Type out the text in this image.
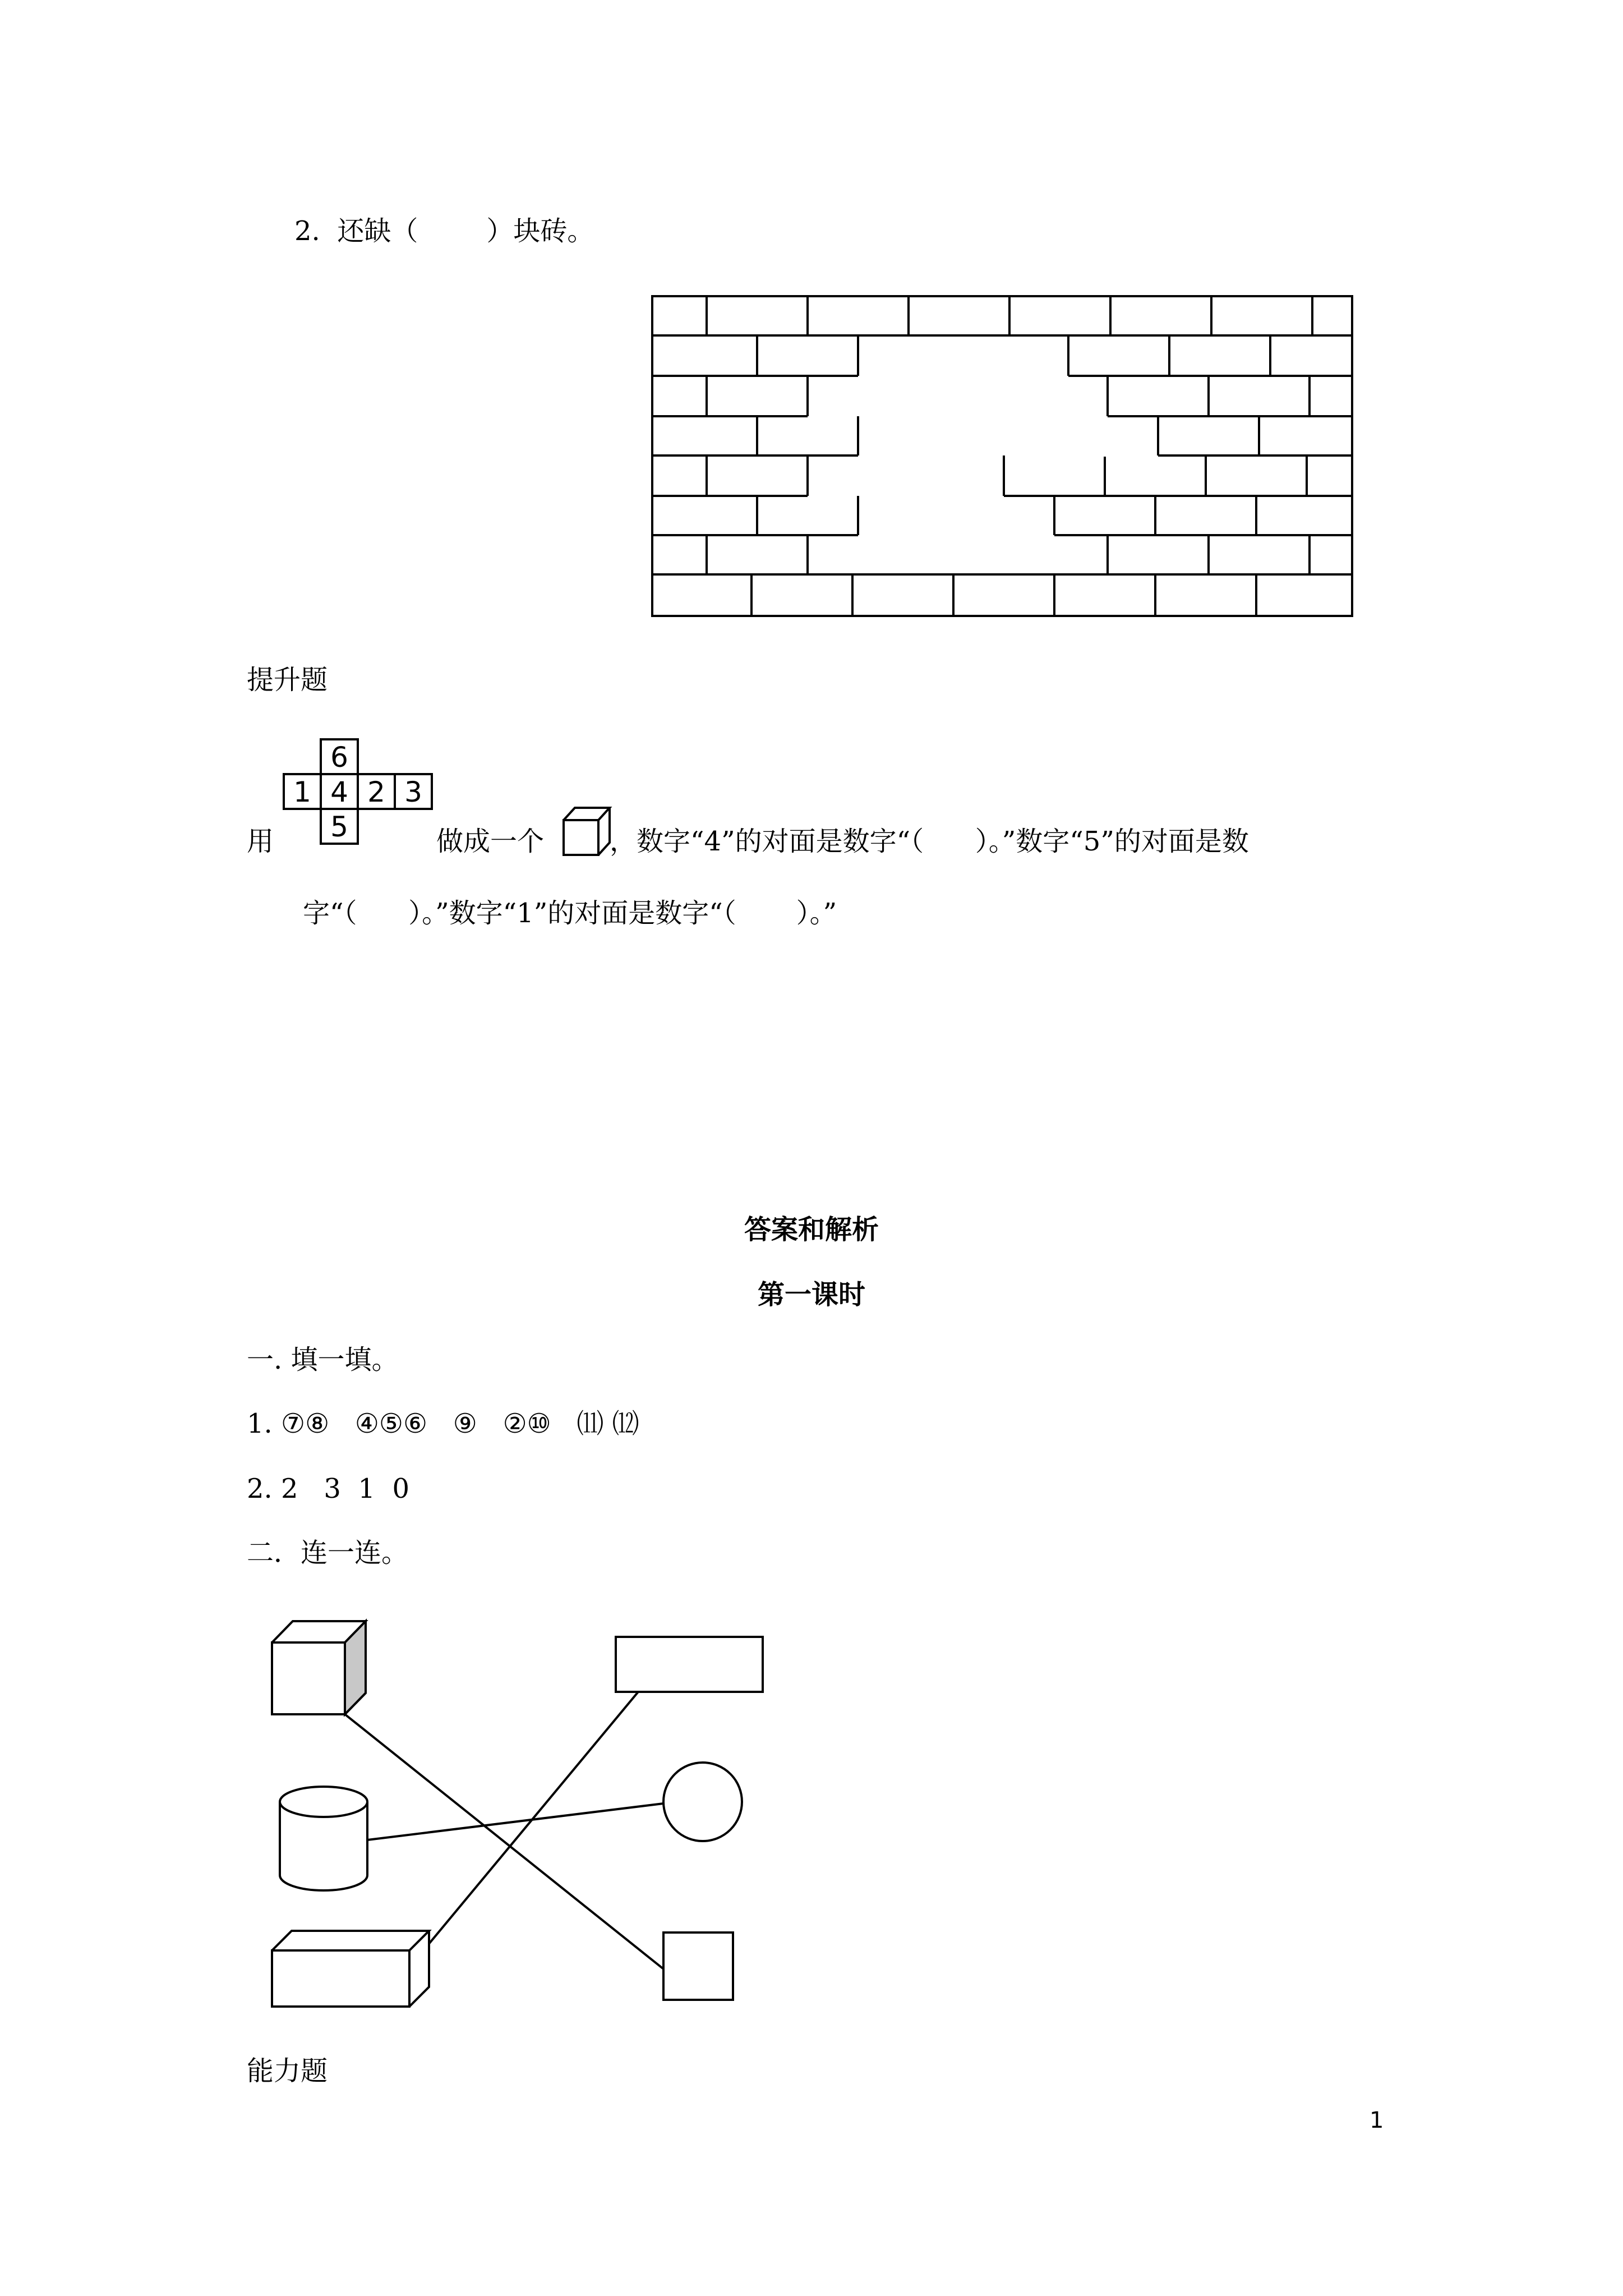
2.  还缺（        ）块砖。
提升题
6
1 4 2 3
5
用	做成一个 ，数字“4”的对面是数字“（      ）。”数字“5”的对面是数
字“（      ）。”数字“1”的对面是数字“（       ）。”
答案和解析
第一课时
一. 填一填。
1. ⑦⑧   ④⑤⑥   ⑨   ②⑩   ⑾ ⑿
2. 2   3  1  0
二．连一连。
能力题
1
